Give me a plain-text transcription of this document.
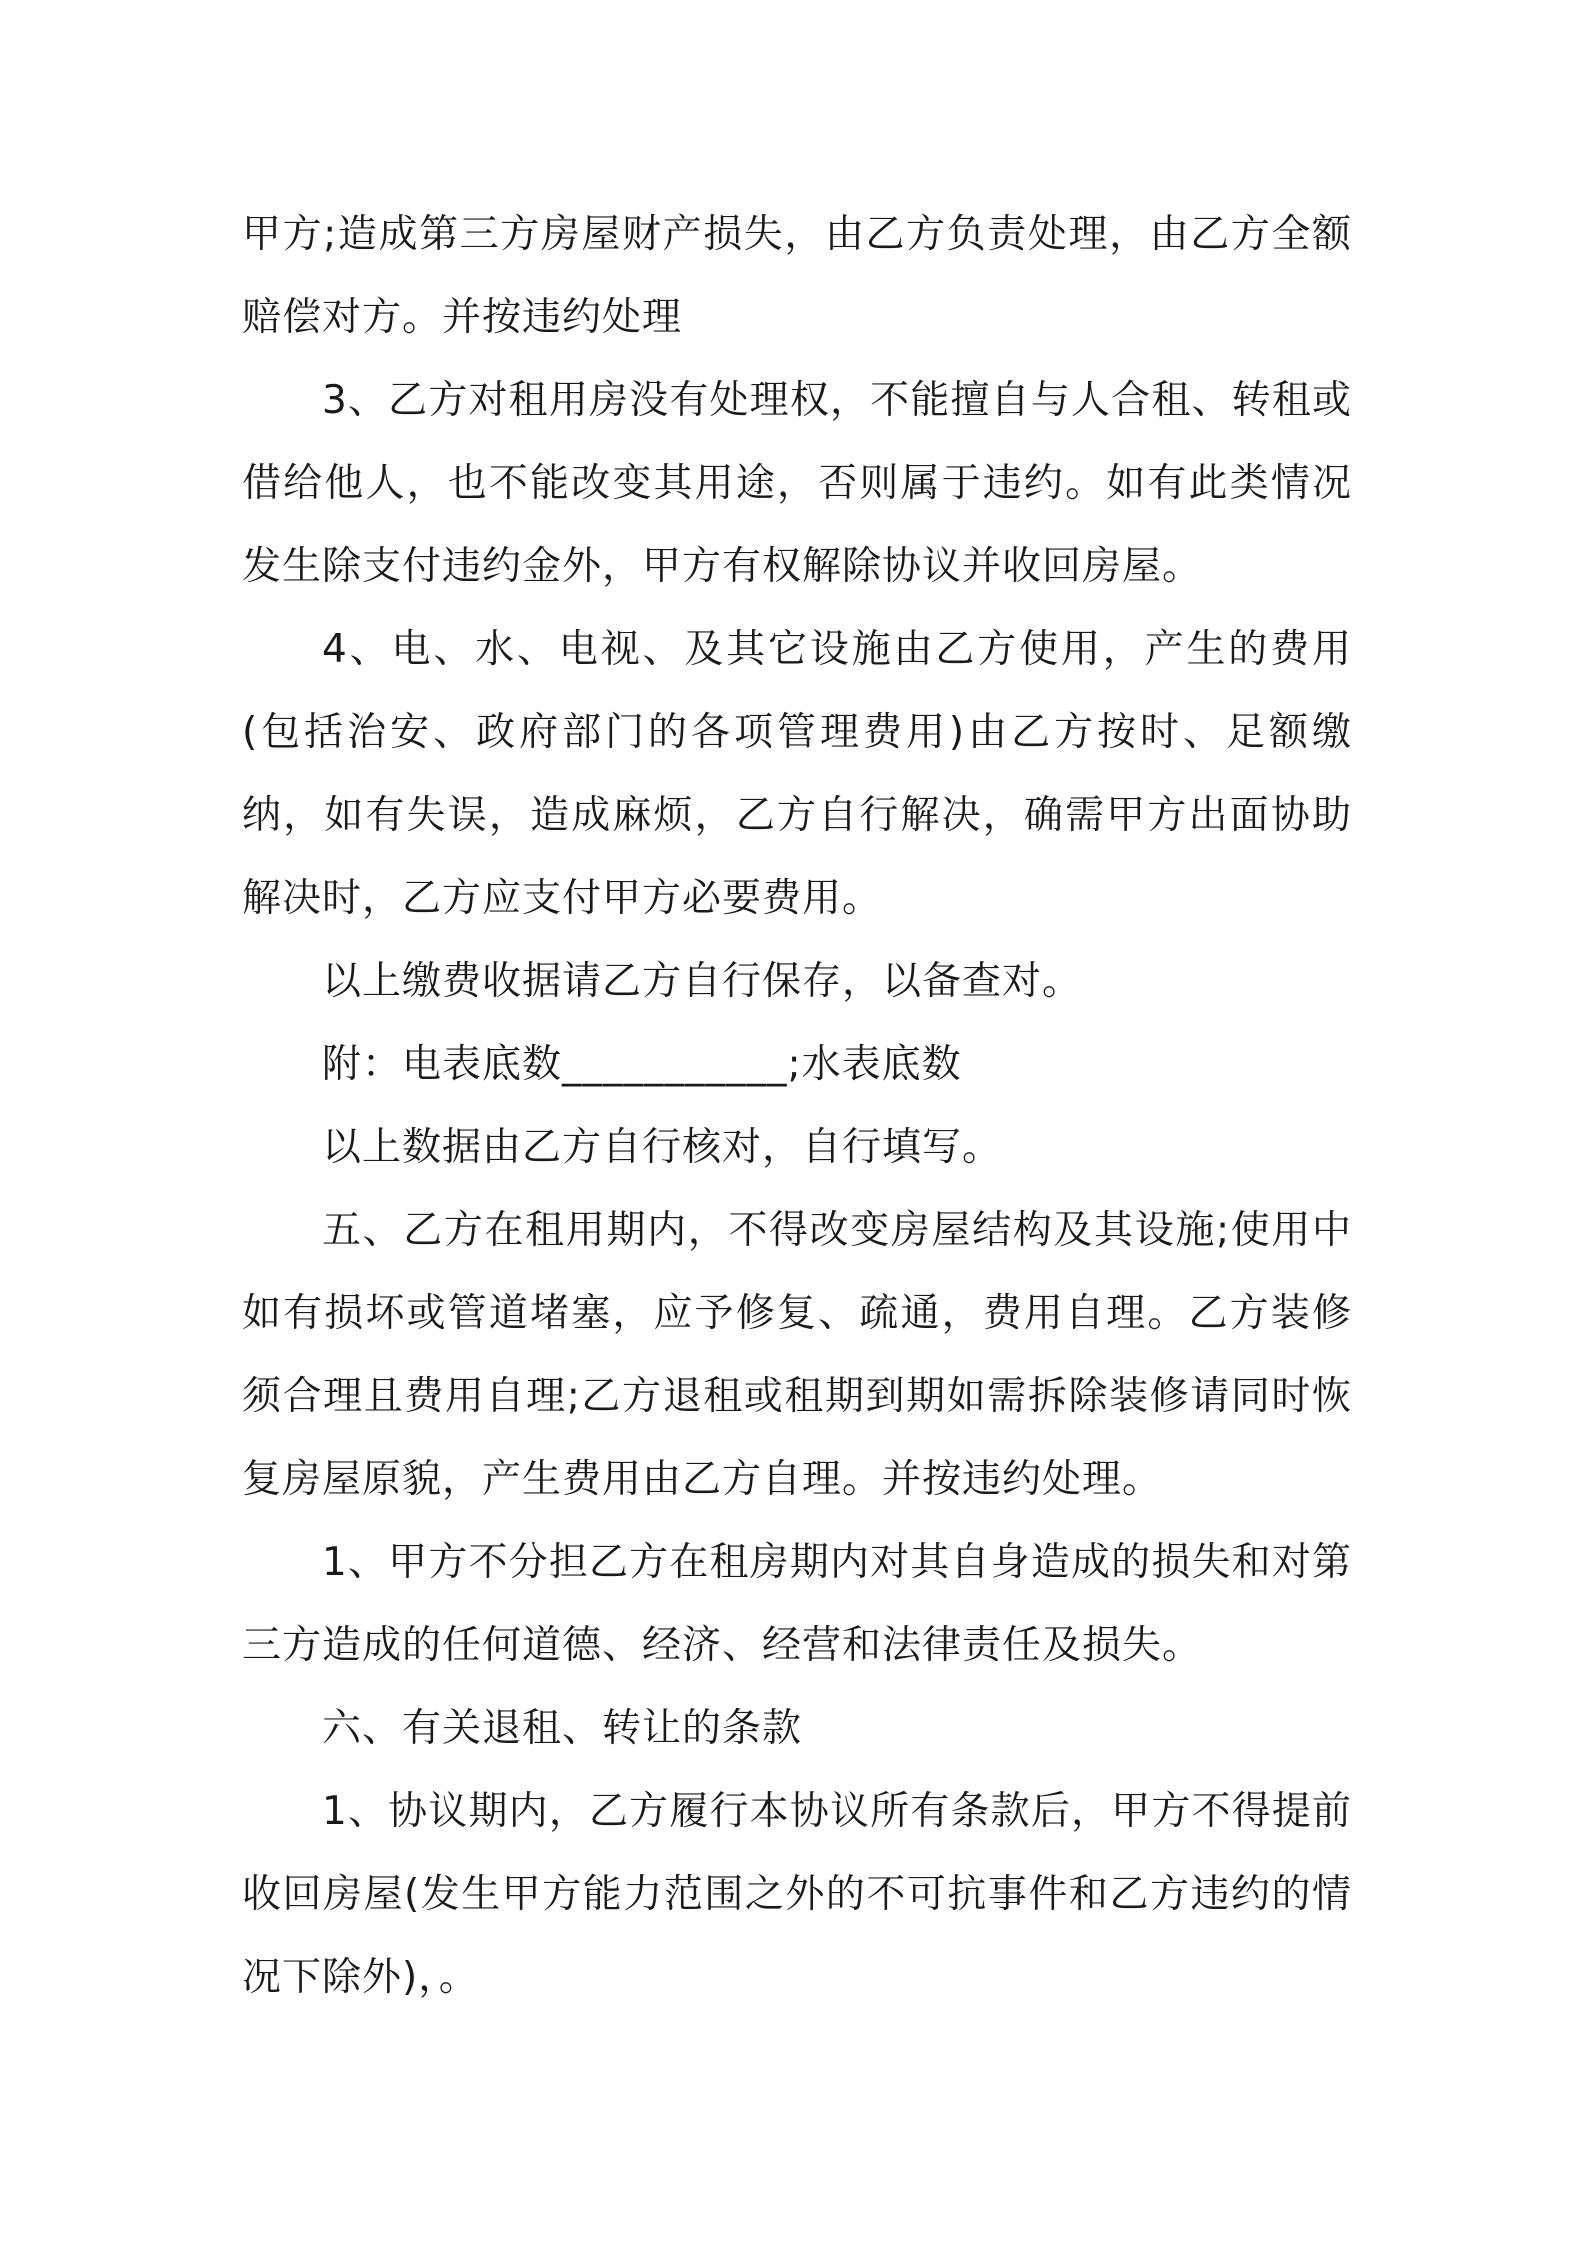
甲方;造成第三方房屋财产损失，由乙方负责处理，由乙方全额赔偿对方。并按违约处理

3、乙方对租用房没有处理权，不能擅自与人合租、转租或借给他人，也不能改变其用途，否则属于违约。如有此类情况发生除支付违约金外，甲方有权解除协议并收回房屋。

4、电、水、电视、及其它设施由乙方使用，产生的费用(包括治安、政府部门的各项管理费用)由乙方按时、足额缴纳，如有失误，造成麻烦，乙方自行解决，确需甲方出面协助解决时，乙方应支付甲方必要费用。

以上缴费收据请乙方自行保存，以备查对。

附：电表底数___________;水表底数

以上数据由乙方自行核对，自行填写。

五、乙方在租用期内，不得改变房屋结构及其设施;使用中如有损坏或管道堵塞，应予修复、疏通，费用自理。乙方装修须合理且费用自理;乙方退租或租期到期如需拆除装修请同时恢复房屋原貌，产生费用由乙方自理。并按违约处理。

1、甲方不分担乙方在租房期内对其自身造成的损失和对第三方造成的任何道德、经济、经营和法律责任及损失。

六、有关退租、转让的条款

1、协议期内，乙方履行本协议所有条款后，甲方不得提前收回房屋(发生甲方能力范围之外的不可抗事件和乙方违约的情况下除外)，。
